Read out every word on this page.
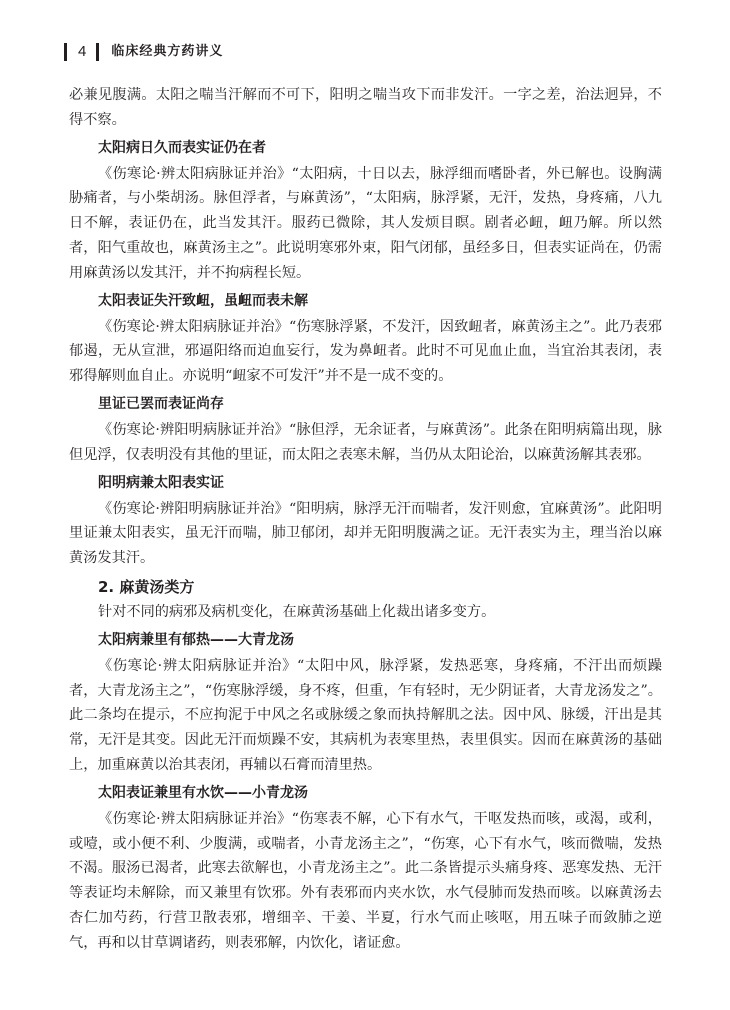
4	临床经典方药讲义

必兼见腹满。太阳之喘当汗解而不可下，阳明之喘当攻下而非发汗。一字之差，治法迥异，不得不察。

太阳病日久而表实证仍在者

《伤寒论·辨太阳病脉证并治》“太阳病，十日以去，脉浮细而嗜卧者，外已解也。设胸满胁痛者，与小柴胡汤。脉但浮者，与麻黄汤”，“太阳病，脉浮紧，无汗，发热，身疼痛，八九日不解，表证仍在，此当发其汗。服药已微除，其人发烦目瞑。剧者必衄，衄乃解。所以然者，阳气重故也，麻黄汤主之”。此说明寒邪外束，阳气闭郁，虽经多日，但表实证尚在，仍需用麻黄汤以发其汗，并不拘病程长短。

太阳表证失汗致衄，虽衄而表未解

《伤寒论·辨太阳病脉证并治》“伤寒脉浮紧，不发汗，因致衄者，麻黄汤主之”。此乃表邪郁遏，无从宣泄，邪逼阳络而迫血妄行，发为鼻衄者。此时不可见血止血，当宜治其表闭，表邪得解则血自止。亦说明“衄家不可发汗”并不是一成不变的。

里证已罢而表证尚存

《伤寒论·辨阳明病脉证并治》“脉但浮，无余证者，与麻黄汤”。此条在阳明病篇出现，脉但见浮，仅表明没有其他的里证，而太阳之表寒未解，当仍从太阳论治，以麻黄汤解其表邪。

阳明病兼太阳表实证

《伤寒论·辨阳明病脉证并治》“阳明病，脉浮无汗而喘者，发汗则愈，宜麻黄汤”。此阳明里证兼太阳表实，虽无汗而喘，肺卫郁闭，却并无阳明腹满之证。无汗表实为主，理当治以麻黄汤发其汗。

2. 麻黄汤类方

针对不同的病邪及病机变化，在麻黄汤基础上化裁出诸多变方。

太阳病兼里有郁热——大青龙汤

《伤寒论·辨太阳病脉证并治》“太阳中风，脉浮紧，发热恶寒，身疼痛，不汗出而烦躁者，大青龙汤主之”，“伤寒脉浮缓，身不疼，但重，乍有轻时，无少阴证者，大青龙汤发之”。此二条均在提示，不应拘泥于中风之名或脉缓之象而执持解肌之法。因中风、脉缓，汗出是其常，无汗是其变。因此无汗而烦躁不安，其病机为表寒里热，表里俱实。因而在麻黄汤的基础上，加重麻黄以治其表闭，再辅以石膏而清里热。

太阳表证兼里有水饮——小青龙汤

《伤寒论·辨太阳病脉证并治》“伤寒表不解，心下有水气，干呕发热而咳，或渴，或利，或噎，或小便不利、少腹满，或喘者，小青龙汤主之”，“伤寒，心下有水气，咳而微喘，发热不渴。服汤已渴者，此寒去欲解也，小青龙汤主之”。此二条皆提示头痛身疼、恶寒发热、无汗等表证均未解除，而又兼里有饮邪。外有表邪而内夹水饮，水气侵肺而发热而咳。以麻黄汤去杏仁加芍药，行营卫散表邪，增细辛、干姜、半夏，行水气而止咳呕，用五味子而敛肺之逆气，再和以甘草调诸药，则表邪解，内饮化，诸证愈。
